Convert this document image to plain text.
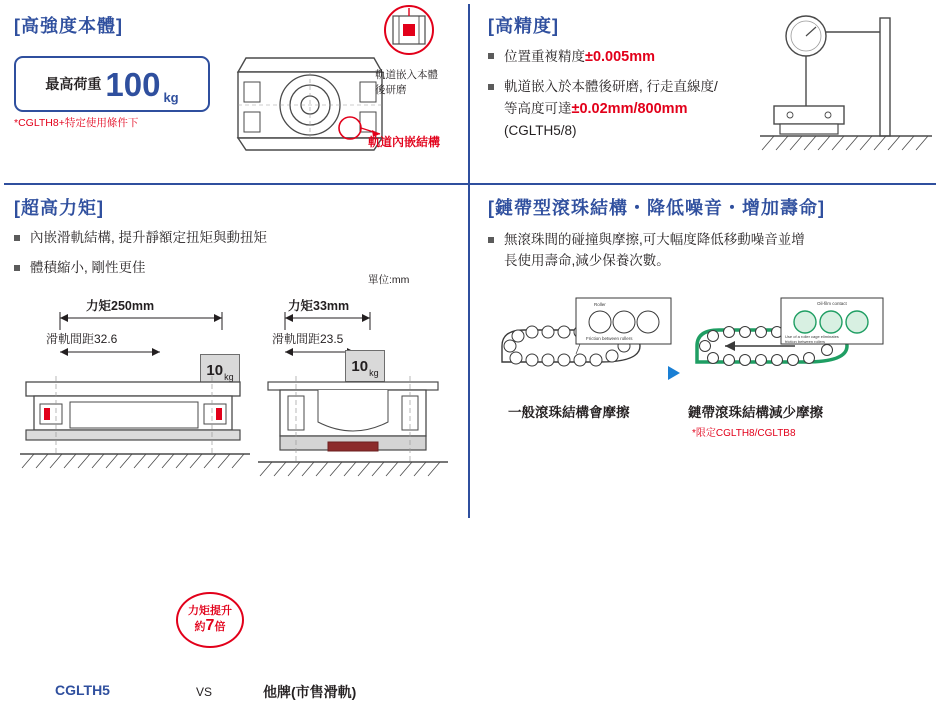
[高強度本體]
最高荷重 100 kg
*CGLTH8+特定使用條件下
軌道嵌入本體
後研磨
軌道內嵌結構
[高精度]
位置重複精度±0.005mm
軌道嵌入於本體後研磨, 行走直線度/
等高度可達±0.02mm/800mm
(CGLTH5/8)
[超高力矩]
內嵌滑軌結構, 提升靜額定扭矩與動扭矩
體積縮小, 剛性更佳
單位:mm
力矩250mm
滑軌間距32.6
力矩33mm
滑軌間距23.5
10 kg
10 kg
力矩提升
約7倍
CGLTH5	VS	他牌(市售滑軌)
[鏈帶型滾珠結構・降低噪音・增加壽命]
無滾珠間的碰撞與摩擦,可大幅度降低移動噪音並增
長使用壽命,減少保養次數。
Roller
Friction between rollers
Oil-film contact
Use of a roller cage eliminates
friction between rollers
一般滾珠結構會摩擦	鏈帶滾珠結構減少摩擦
*限定CGLTH8/CGLTB8
